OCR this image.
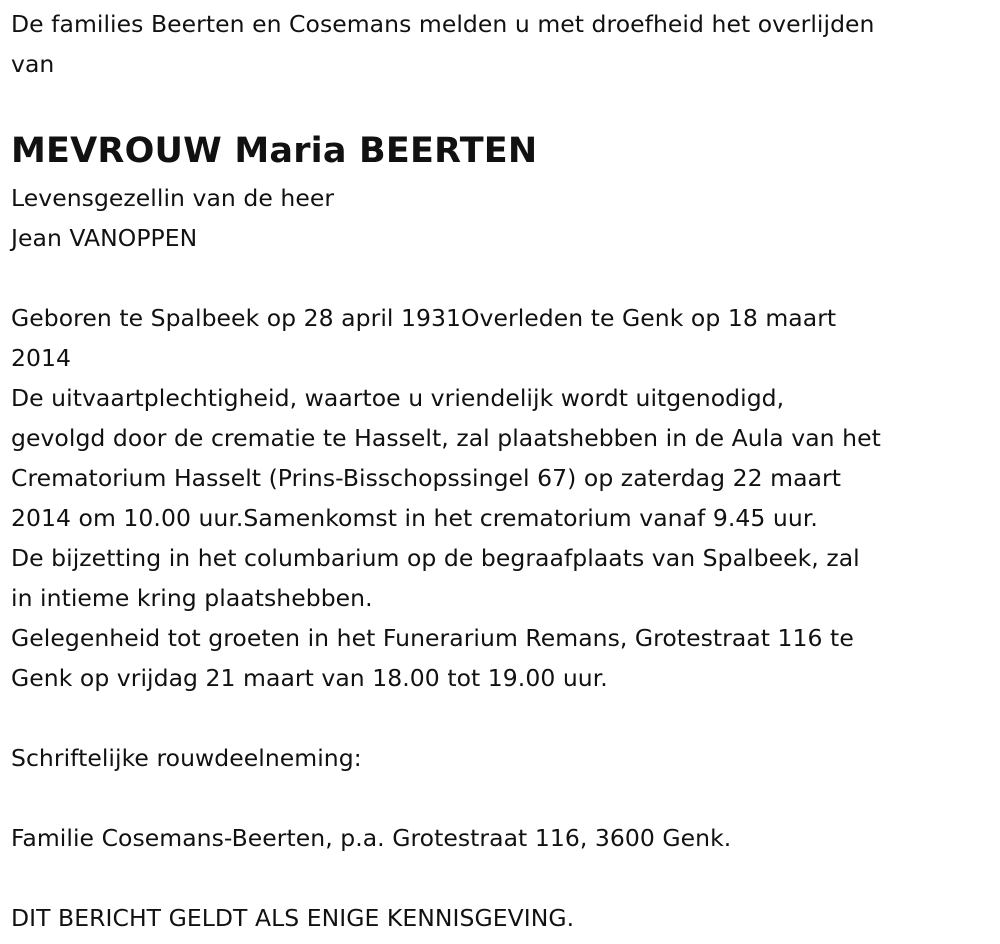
De families Beerten en Cosemans melden u met droefheid het overlijden
van
MEVROUW Maria BEERTEN
Levensgezellin van de heer
Jean VANOPPEN
Geboren te Spalbeek op 28 april 1931Overleden te Genk op 18 maart
2014
De uitvaartplechtigheid, waartoe u vriendelijk wordt uitgenodigd,
gevolgd door de crematie te Hasselt, zal plaatshebben in de Aula van het
Crematorium Hasselt (Prins-Bisschopssingel 67) op zaterdag 22 maart
2014 om 10.00 uur.Samenkomst in het crematorium vanaf 9.45 uur.
De bijzetting in het columbarium op de begraafplaats van Spalbeek, zal
in intieme kring plaatshebben.
Gelegenheid tot groeten in het Funerarium Remans, Grotestraat 116 te
Genk op vrijdag 21 maart van 18.00 tot 19.00 uur.
Schriftelijke rouwdeelneming:
Familie Cosemans-Beerten, p.a. Grotestraat 116, 3600 Genk.
DIT BERICHT GELDT ALS ENIGE KENNISGEVING.
